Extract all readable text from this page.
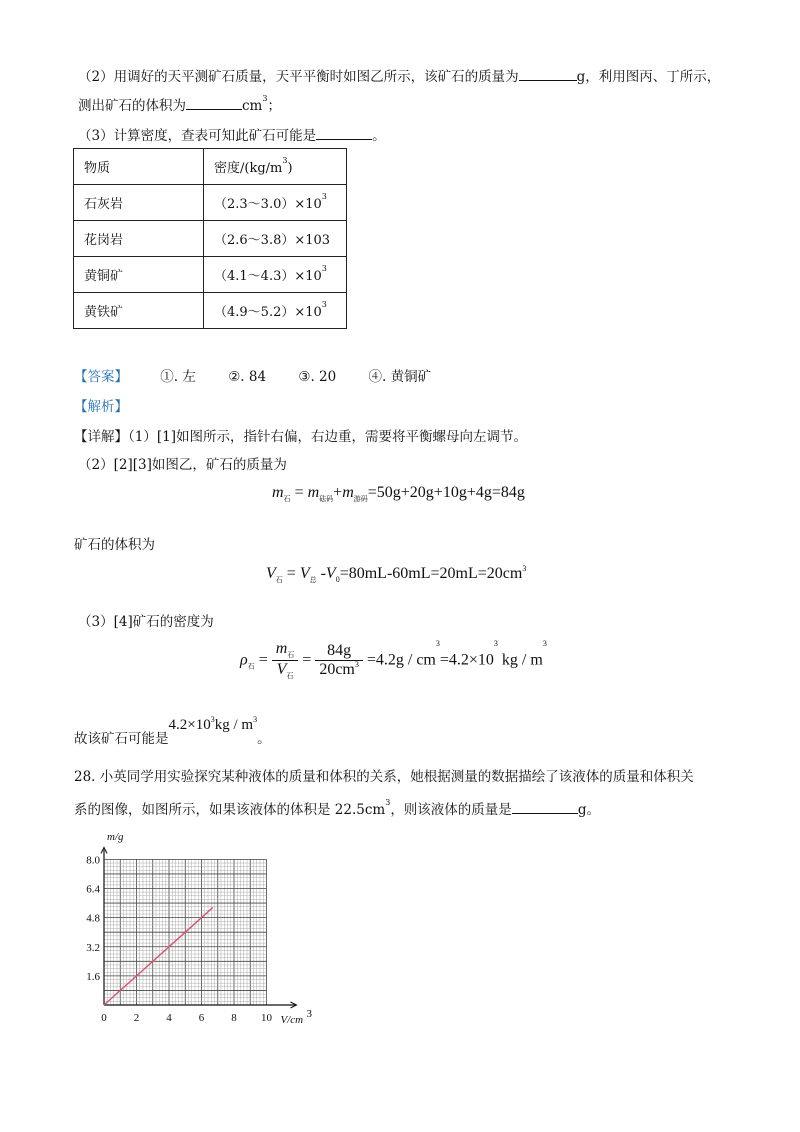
（2）用调好的天平测矿石质量，天平平衡时如图乙所示，该矿石的质量为	g，利用图丙、丁所示，
测出矿石的体积为	$cm^3$；
（3）计算密度，查表可知此矿石可能是	。
物质	密度$/(kg/m^3)$
石灰岩	$(2.3\sim 3.0)\times 10^3$
花岗岩	（2.6～3.8）×103
黄铜矿	$(4.1\sim 4.3)\times 10^3$
黄铁矿	$(4.9\sim 5.2)\times 10^3$
【答案】 ①. 左 ②. 84 ③. 20 ④. 黄铜矿
【解析】
【详解】（1）[1]如图所示，指针右偏，右边重，需要将平衡螺母向左调节。
（2）[2][3]如图乙，矿石的质量为
$m_石 = m_{砝码}+m_{游码}=50g+20g+10g+4g=84g$
矿石的体积为
$V_石 = V_总$ $-V_0=80mL-60mL=20mL=20cm^3$
（3）[4]矿石的密度为
$\rho_石 = \frac{m_石}{V_石} = \frac{84g}{20cm^3} =4.2g / cm^3=4.2\times 10^3$ kg / $m^3$
故该矿石可能是$4.2\times 10^3kg / m^3$。
28. 小英同学用实验探究某种液体的质量和体积的关系，她根据测量的数据描绘了该液体的质量和体积关
系的图像，如图所示，如果该液体的体积是 $22.5cm^3$，则该液体的质量是	g。
0 2 4 6 8 10
1.6
3.2
4.8
6.4
8.0
m/g
V/cm 3
